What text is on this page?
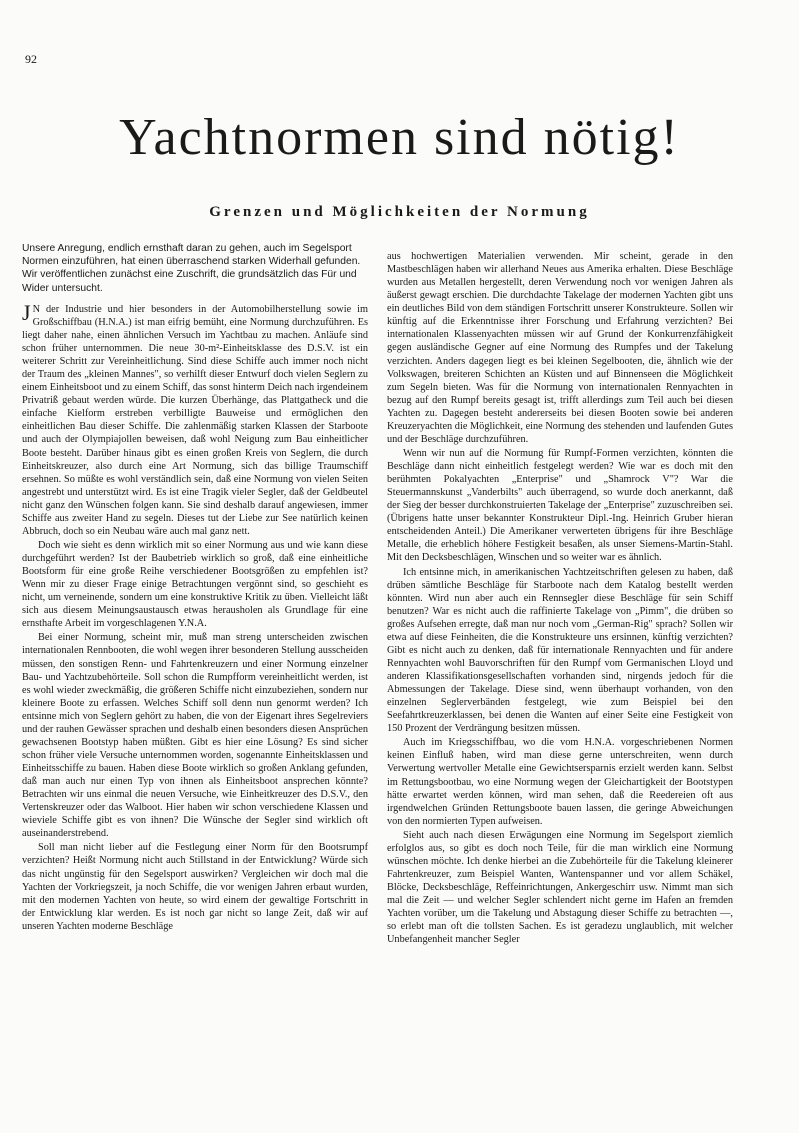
92
Yachtnormen sind nötig!
Grenzen und Möglichkeiten der Normung
Unsere Anregung, endlich ernsthaft daran zu gehen, auch im Segelsport Normen einzuführen, hat einen überraschend starken Widerhall gefunden. Wir veröffentlichen zunächst eine Zuschrift, die grundsätzlich das Für und Wider untersucht.

J N der Industrie und hier besonders in der Automobilherstellung sowie im Großschiffbau (H.N.A.) ist man eifrig bemüht, eine Normung durchzuführen. Es liegt daher nahe, einen ähnlichen Versuch im Yachtbau zu machen. Anläufe sind schon früher unternommen. Die neue 30-m²-Einheitsklasse des D.S.V. ist ein weiterer Schritt zur Vereinheitlichung. Sind diese Schiffe auch immer noch nicht der Traum des „kleinen Mannes", so verhilft dieser Entwurf doch vielen Seglern zu einem Einheitsboot und zu einem Schiff, das sonst hinterm Deich nach irgendeinem Privatriß gebaut werden würde. Die kurzen Überhänge, das Plattgatheck und die einfache Kielform erstreben verbilligte Bauweise und ermöglichen den einheitlichen Bau dieser Schiffe. Die zahlenmäßig starken Klassen der Starboote und auch der Olympiajollen beweisen, daß wohl Neigung zum Bau einheitlicher Boote besteht. Darüber hinaus gibt es einen großen Kreis von Seglern, die durch Einheitskreuzer, also durch eine Art Normung, sich das billige Traumschiff ersehnen. So müßte es wohl verständlich sein, daß eine Normung von vielen Seiten angestrebt und unterstützt wird. Es ist eine Tragik vieler Segler, daß der Geldbeutel nicht ganz den Wünschen folgen kann. Sie sind deshalb darauf angewiesen, immer Schiffe aus zweiter Hand zu segeln. Dieses tut der Liebe zur See natürlich keinen Abbruch, doch so ein Neubau wäre auch mal ganz nett.

Doch wie sieht es denn wirklich mit so einer Normung aus und wie kann diese durchgeführt werden? Ist der Baubetrieb wirklich so groß, daß eine einheitliche Bootsform für eine große Reihe verschiedener Bootsgrößen zu empfehlen ist? Wenn mir zu dieser Frage einige Betrachtungen vergönnt sind, so geschieht es nicht, um verneinende, sondern um eine konstruktive Kritik zu üben. Vielleicht läßt sich aus diesem Meinungsaustausch etwas herausholen als Grundlage für eine ernsthafte Arbeit im vorgeschlagenen Y.N.A.

Bei einer Normung, scheint mir, muß man streng unterscheiden zwischen internationalen Rennbooten, die wohl wegen ihrer besonderen Stellung ausscheiden müssen, den sonstigen Renn- und Fahrtenkreuzern und einer Normung einzelner Bau- und Yachtzubehörteile. Soll schon die Rumpfform vereinheitlicht werden, ist es wohl wieder zweckmäßig, die größeren Schiffe nicht einzubeziehen, sondern nur kleinere Boote zu erfassen. Welches Schiff soll denn nun genormt werden? Ich entsinne mich von Seglern gehört zu haben, die von der Eigenart ihres Segelreviers und der rauhen Gewässer sprachen und deshalb einen besonders diesen Ansprüchen gewachsenen Bootstyp haben müßten. Gibt es hier eine Lösung? Es sind sicher schon früher viele Versuche unternommen worden, sogenannte Einheitsklassen und Einheitsschiffe zu bauen. Haben diese Boote wirklich so großen Anklang gefunden, daß man auch nur einen Typ von ihnen als Einheitsboot ansprechen könnte? Betrachten wir uns einmal die neuen Versuche, wie Einheitkreuzer des D.S.V., den Vertenskreuzer oder das Walboot. Hier haben wir schon verschiedene Klassen und wieviele Schiffe gibt es von ihnen? Die Wünsche der Segler sind wirklich oft auseinanderstrebend.

Soll man nicht lieber auf die Festlegung einer Norm für den Bootsrumpf verzichten? Heißt Normung nicht auch Stillstand in der Entwicklung? Würde sich das nicht ungünstig für den Segelsport auswirken? Vergleichen wir doch mal die Yachten der Vorkriegszeit, ja noch Schiffe, die vor wenigen Jahren erbaut wurden, mit den modernen Yachten von heute, so wird einem der gewaltige Fortschritt in der Entwicklung klar werden. Es ist noch gar nicht so lange Zeit, daß wir auf unseren Yachten moderne Beschläge

aus hochwertigen Materialien verwenden. Mir scheint, gerade in den Mastbeschlägen haben wir allerhand Neues aus Amerika erhalten. Diese Beschläge wurden aus Metallen hergestellt, deren Verwendung noch vor wenigen Jahren als äußerst gewagt erschien. Die durchdachte Takelage der modernen Yachten gibt uns ein deutliches Bild von dem ständigen Fortschritt unserer Konstrukteure. Sollen wir künftig auf die Erkenntnisse ihrer Forschung und Erfahrung verzichten? Bei internationalen Klassenyachten müssen wir auf Grund der Konkurrenzfähigkeit gegen ausländische Gegner auf eine Normung des Rumpfes und der Takelung verzichten. Anders dagegen liegt es bei kleinen Segelbooten, die, ähnlich wie der Volkswagen, breiteren Schichten an Küsten und auf Binnenseen die Möglichkeit zum Segeln bieten. Was für die Normung von internationalen Rennyachten in bezug auf den Rumpf bereits gesagt ist, trifft allerdings zum Teil auch bei diesen Yachten zu. Dagegen besteht andererseits bei diesen Booten sowie bei anderen Kreuzeryachten die Möglichkeit, eine Normung des stehenden und laufenden Gutes und der Beschläge durchzuführen.

Wenn wir nun auf die Normung für Rumpf-Formen verzichten, könnten die Beschläge dann nicht einheitlich festgelegt werden? Wie war es doch mit den berühmten Pokalyachten „Enterprise" und „Shamrock V"? War die Steuermannskunst „Vanderbilts" auch überragend, so wurde doch anerkannt, daß der Sieg der besser durchkonstruierten Takelage der „Enterprise" zuzuschreiben sei. (Übrigens hatte unser bekannter Konstrukteur Dipl.-Ing. Heinrich Gruber hieran entscheidenden Anteil.) Die Amerikaner verwerteten übrigens für ihre Beschläge Metalle, die erheblich höhere Festigkeit besaßen, als unser Siemens-Martin-Stahl. Mit den Decksbeschlägen, Winschen und so weiter war es ähnlich.

Ich entsinne mich, in amerikanischen Yachtzeitschriften gelesen zu haben, daß drüben sämtliche Beschläge für Starboote nach dem Katalog bestellt werden könnten. Wird nun aber auch ein Rennsegler diese Beschläge für sein Schiff benutzen? War es nicht auch die raffinierte Takelage von „Pimm", die drüben so großes Aufsehen erregte, daß man nur noch vom „German-Rig" sprach? Sollen wir etwa auf diese Feinheiten, die die Konstrukteure uns ersinnen, künftig verzichten? Gibt es nicht auch zu denken, daß für internationale Rennyachten und für andere Rennyachten wohl Bauvorschriften für den Rumpf vom Germanischen Lloyd und anderen Klassifikationsgesellschaften vorhanden sind, nirgends jedoch für die Abmessungen der Takelage. Diese sind, wenn überhaupt vorhanden, von den einzelnen Seglerverbänden festgelegt, wie zum Beispiel bei den Seefahrtkreuzerklassen, bei denen die Wanten auf einer Seite eine Festigkeit von 150 Prozent der Verdrängung besitzen müssen.

Auch im Kriegsschiffbau, wo die vom H.N.A. vorgeschriebenen Normen keinen Einfluß haben, wird man diese gerne unterschreiten, wenn durch Verwertung wertvoller Metalle eine Gewichtsersparnis erzielt werden kann. Selbst im Rettungsbootbau, wo eine Normung wegen der Gleichartigkeit der Bootstypen hätte erwartet werden können, wird man sehen, daß die Reedereien oft aus irgendwelchen Gründen Rettungsboote bauen lassen, die geringe Abweichungen von den normierten Typen aufweisen.

Sieht auch nach diesen Erwägungen eine Normung im Segelsport ziemlich erfolglos aus, so gibt es doch noch Teile, für die man wirklich eine Normung wünschen möchte. Ich denke hierbei an die Zubehörteile für die Takelung kleinerer Fahrtenkreuzer, zum Beispiel Wanten, Wantenspanner und vor allem Schäkel, Blöcke, Decksbeschläge, Reffeinrichtungen, Ankergeschirr usw. Nimmt man sich mal die Zeit — und welcher Segler schlendert nicht gerne im Hafen an fremden Yachten vorüber, um die Takelung und Abstagung dieser Schiffe zu betrachten —, so erlebt man oft die tollsten Sachen. Es ist geradezu unglaublich, mit welcher Unbefangenheit mancher Segler
